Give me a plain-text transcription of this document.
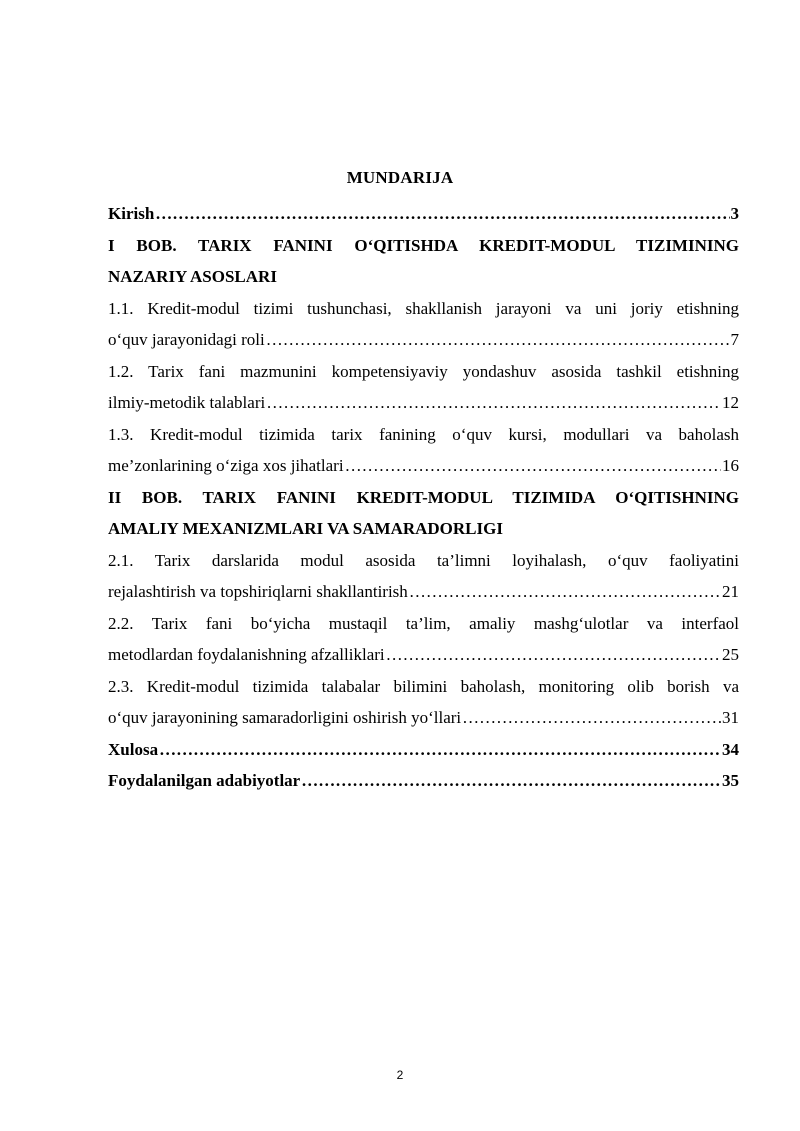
MUNDARIJA
Kirish ……………………………………………………………………………………………………………………………………………………	3
I BOB. TARIX FANINI O‘QITISHDA KREDIT-MODUL TIZIMINING
NAZARIY ASOSLARI
1.1. Kredit-modul tizimi tushunchasi, shakllanish jarayoni va uni joriy etishning
o‘quv jarayonidagi roli ……………………………………………………………………………………………………………………………………………………	7
1.2. Tarix fani mazmunini kompetensiyaviy yondashuv asosida tashkil etishning
ilmiy-metodik talablari ……………………………………………………………………………………………………………………………………………………	12
1.3. Kredit-modul tizimida tarix fanining o‘quv kursi, modullari va baholash
me’zonlarining o‘ziga xos jihatlari ……………………………………………………………………………………………………………………………………………………	16
II BOB. TARIX FANINI KREDIT-MODUL TIZIMIDA O‘QITISHNING
AMALIY MEXANIZMLARI VA SAMARADORLIGI
2.1. Tarix darslarida modul asosida ta’limni loyihalash, o‘quv faoliyatini
rejalashtirish va topshiriqlarni shakllantirish ……………………………………………………………………………………………………………………………………………………	21
2.2. Tarix fani bo‘yicha mustaqil ta’lim, amaliy mashg‘ulotlar va interfaol
metodlardan foydalanishning afzalliklari ……………………………………………………………………………………………………………………………………………………	25
2.3. Kredit-modul tizimida talabalar bilimini baholash, monitoring olib borish va
o‘quv jarayonining samaradorligini oshirish yo‘llari ……………………………………………………………………………………………………………………………………………………	31
Xulosa ……………………………………………………………………………………………………………………………………………………	34
Foydalanilgan adabiyotlar ……………………………………………………………………………………………………………………………………………………	35
2
